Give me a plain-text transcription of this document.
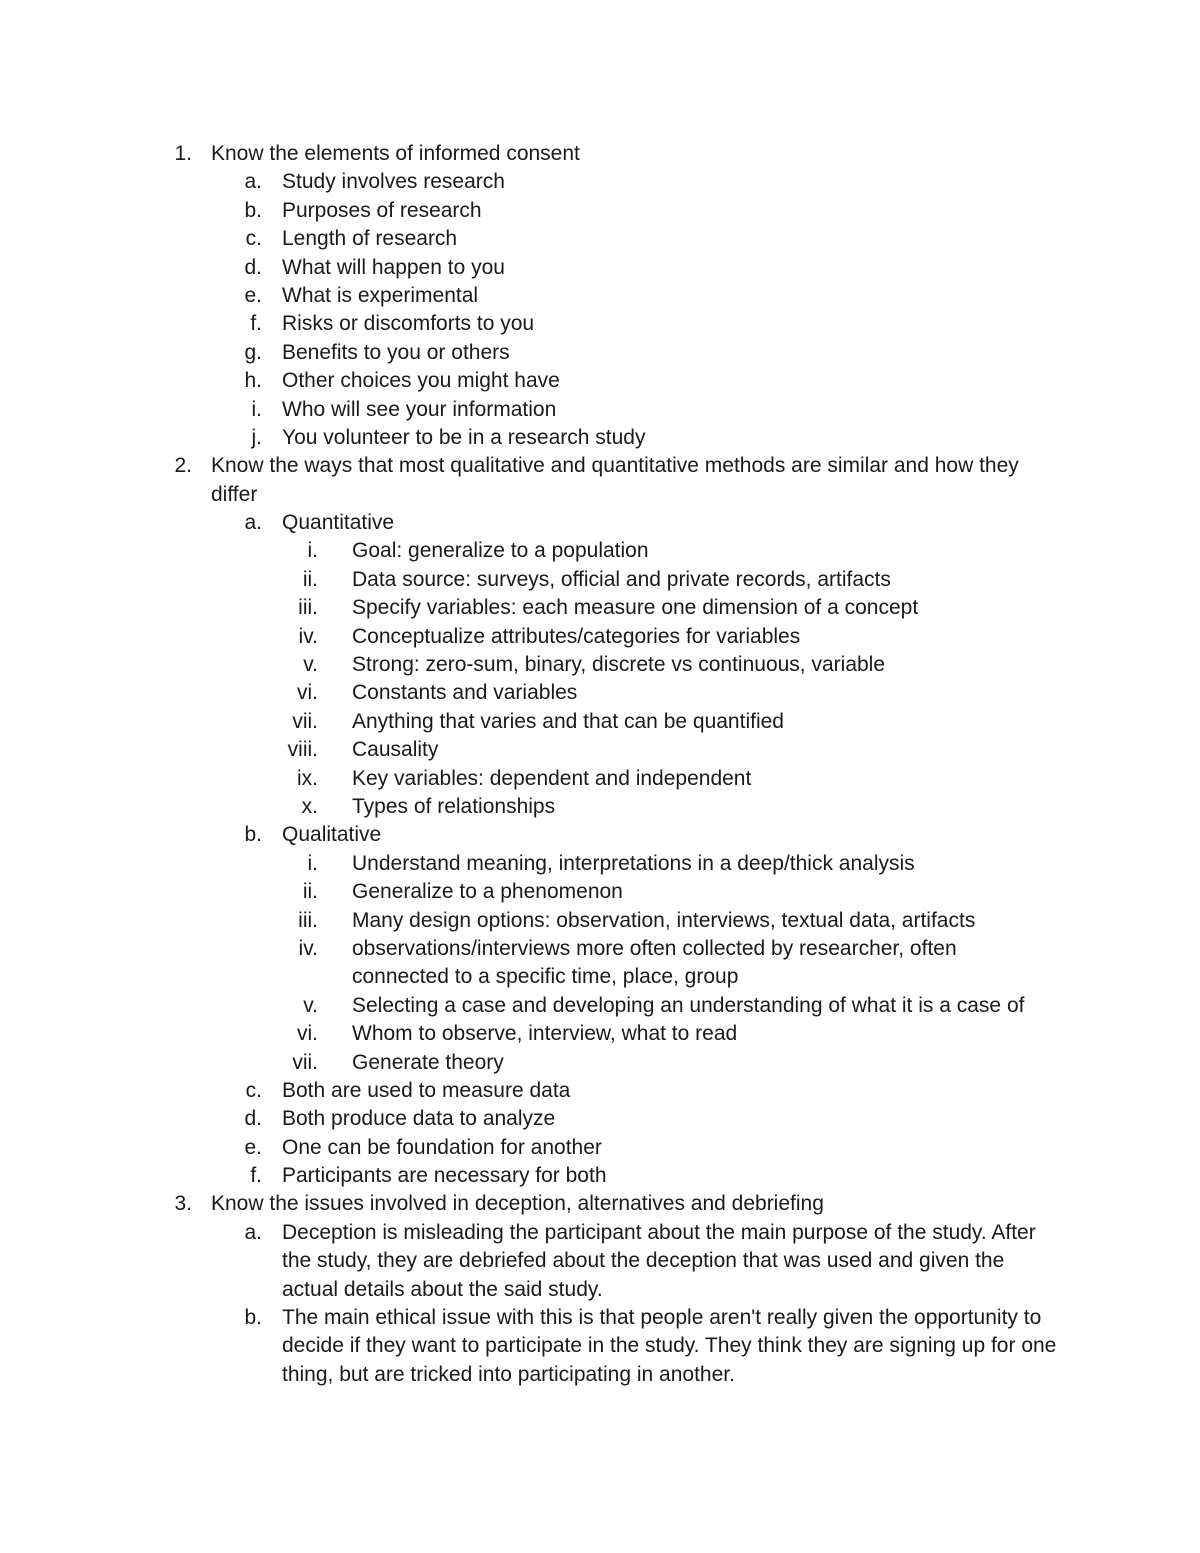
1. Know the elements of informed consent
a. Study involves research
b. Purposes of research
c. Length of research
d. What will happen to you
e. What is experimental
f. Risks or discomforts to you
g. Benefits to you or others
h. Other choices you might have
i. Who will see your information
j. You volunteer to be in a research study
2. Know the ways that most qualitative and quantitative methods are similar and how they differ
a. Quantitative
i. Goal: generalize to a population
ii. Data source: surveys, official and private records, artifacts
iii. Specify variables: each measure one dimension of a concept
iv. Conceptualize attributes/categories for variables
v. Strong: zero-sum, binary, discrete vs continuous, variable
vi. Constants and variables
vii. Anything that varies and that can be quantified
viii. Causality
ix. Key variables: dependent and independent
x. Types of relationships
b. Qualitative
i. Understand meaning, interpretations in a deep/thick analysis
ii. Generalize to a phenomenon
iii. Many design options: observation, interviews, textual data, artifacts
iv. observations/interviews more often collected by researcher, often connected to a specific time, place, group
v. Selecting a case and developing an understanding of what it is a case of
vi. Whom to observe, interview, what to read
vii. Generate theory
c. Both are used to measure data
d. Both produce data to analyze
e. One can be foundation for another
f. Participants are necessary for both
3. Know the issues involved in deception, alternatives and debriefing
a. Deception is misleading the participant about the main purpose of the study. After the study, they are debriefed about the deception that was used and given the actual details about the said study.
b. The main ethical issue with this is that people aren't really given the opportunity to decide if they want to participate in the study. They think they are signing up for one thing, but are tricked into participating in another.
